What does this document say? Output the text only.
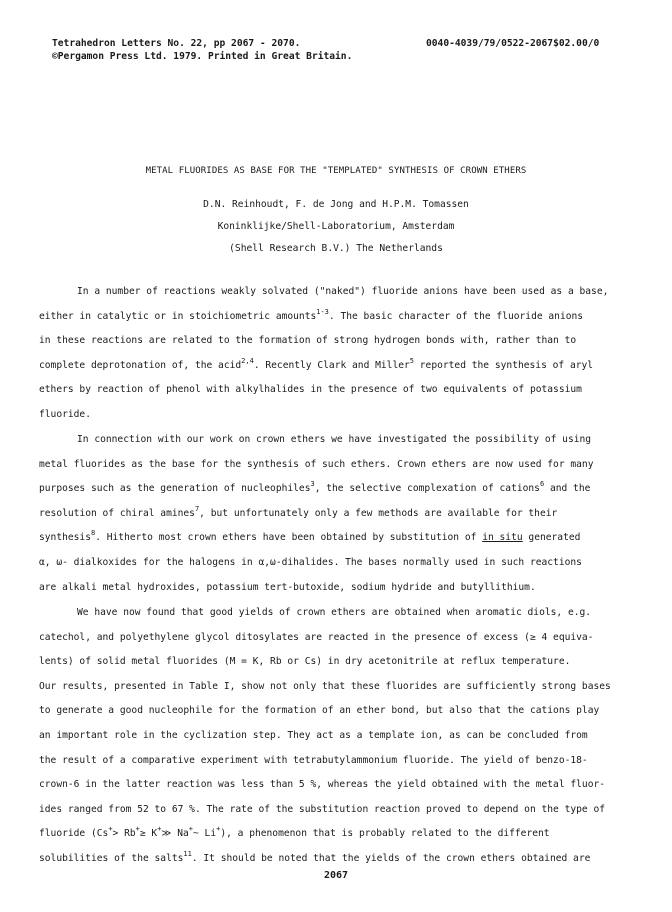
Tetrahedron Letters No. 22, pp 2067 - 2070.
©Pergamon Press Ltd. 1979. Printed in Great Britain.
0040-4039/79/0522-2067$02.00/0
METAL FLUORIDES AS BASE FOR THE "TEMPLATED" SYNTHESIS OF CROWN ETHERS
D.N. Reinhoudt, F. de Jong and H.P.M. Tomassen
Koninklijke/Shell-Laboratorium, Amsterdam
(Shell Research B.V.) The Netherlands
In a number of reactions weakly solvated ("naked") fluoride anions have been used as a base,
either in catalytic or in stoichiometric amounts$^{1-3}$. The basic character of the fluoride anions
in these reactions are related to the formation of strong hydrogen bonds with, rather than to
complete deprotonation of, the acid$^{2,4}$. Recently Clark and Miller$^5$ reported the synthesis of aryl
ethers by reaction of phenol with alkylhalides in the presence of two equivalents of potassium
fluoride.
In connection with our work on crown ethers we have investigated the possibility of using
metal fluorides as the base for the synthesis of such ethers. Crown ethers are now used for many
purposes such as the generation of nucleophiles$^3$, the selective complexation of cations$^6$ and the
resolution of chiral amines$^7$, but unfortunately only a few methods are available for their
synthesis$^8$. Hitherto most crown ethers have been obtained by substitution of in situ generated
α, ω- dialkoxides for the halogens in α,ω-dihalides. The bases normally used in such reactions
are alkali metal hydroxides, potassium tert-butoxide, sodium hydride and butyllithium.
We have now found that good yields of crown ethers are obtained when aromatic diols, e.g.
catechol, and polyethylene glycol ditosylates are reacted in the presence of excess (≥ 4 equiva-
lents) of solid metal fluorides (M = K, Rb or Cs) in dry acetonitrile at reflux temperature.
Our results, presented in Table I, show not only that these fluorides are sufficiently strong bases
to generate a good nucleophile for the formation of an ether bond, but also that the cations play
an important role in the cyclization step. They act as a template ion, as can be concluded from
the result of a comparative experiment with tetrabutylammonium fluoride. The yield of benzo-18-
crown-6 in the latter reaction was less than 5 %, whereas the yield obtained with the metal fluor-
ides ranged from 52 to 67 %. The rate of the substitution reaction proved to depend on the type of
fluoride (Cs+> Rb+≥ K+≫ Na+~ Li+), a phenomenon that is probably related to the different
solubilities of the salts$^{11}$. It should be noted that the yields of the crown ethers obtained are
2067
